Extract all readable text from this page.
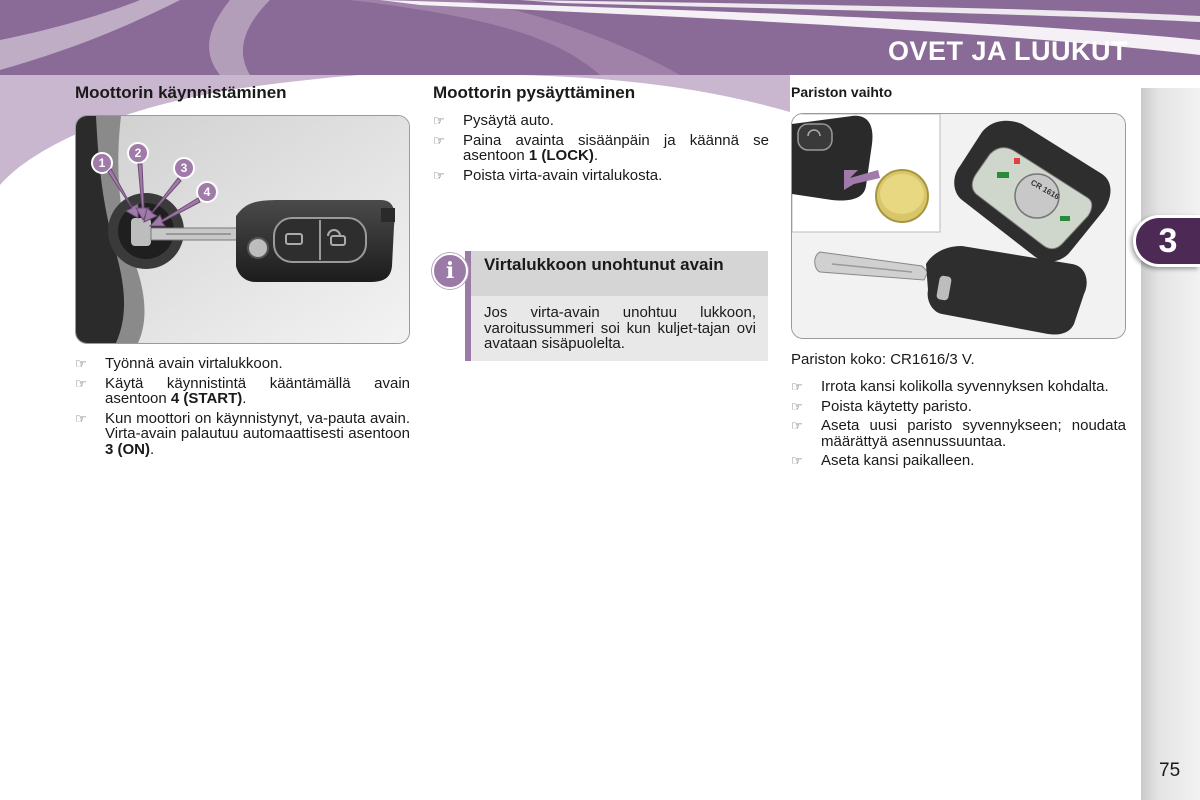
OVET JA LUUKUT
3
75
Moottorin käynnistäminen
1
2
3
4
☞ Työnnä avain virtalukkoon.
☞ Käytä käynnistintä kääntämällä avain asentoon 4 (START).
☞ Kun moottori on käynnistynyt, va-pauta avain. Virta-avain palautuu automaattisesti asentoon 3 (ON).
Moottorin pysäyttäminen
☞ Pysäytä auto.
☞ Paina avainta sisäänpäin ja käännä se asentoon 1 (LOCK).
☞ Poista virta-avain virtalukosta.
i	Virtalukkoon unohtunut avain
Jos virta-avain unohtuu lukkoon, varoitussummeri soi kun kuljet-tajan ovi avataan sisäpuolelta.
Pariston vaihto
CR 1616
Pariston koko: CR1616/3 V.
☞ Irrota kansi kolikolla syvennyksen kohdalta.
☞ Poista käytetty paristo.
☞ Aseta uusi paristo syvennykseen; noudata määrättyä asennussuuntaa.
☞ Aseta kansi paikalleen.
